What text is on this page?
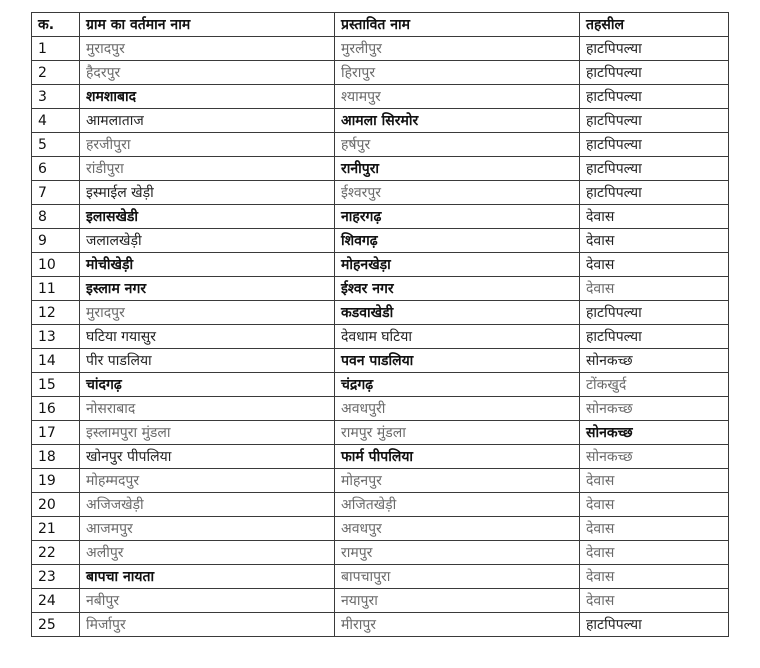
क.	ग्राम का वर्तमान नाम	प्रस्तावित नाम	तहसील
1	मुरादपुर	मुरलीपुर	हाटपिपल्या
2	हैदरपुर	हिरापुर	हाटपिपल्या
3	शमशाबाद	श्यामपुर	हाटपिपल्या
4	आमलाताज	आमला सिरमोर	हाटपिपल्या
5	हरजीपुरा	हर्षपुर	हाटपिपल्या
6	रांडीपुरा	रानीपुरा	हाटपिपल्या
7	इस्माईल खेड़ी	ईश्वरपुर	हाटपिपल्या
8	इलासखेडी	नाहरगढ़	देवास
9	जलालखेड़ी	शिवगढ़	देवास
10	मोचीखेड़ी	मोहनखेड़ा	देवास
11	इस्लाम नगर	ईश्वर नगर	देवास
12	मुरादपुर	कडवाखेडी	हाटपिपल्या
13	घटिया गयासुर	देवधाम घटिया	हाटपिपल्या
14	पीर पाडलिया	पवन पाडलिया	सोनकच्छ
15	चांदगढ़	चंद्रगढ़	टोंकखुर्द
16	नोसराबाद	अवधपुरी	सोनकच्छ
17	इस्लामपुरा मुंडला	रामपुर मुंडला	सोनकच्छ
18	खोनपुर पीपलिया	फार्म पीपलिया	सोनकच्छ
19	मोहम्मदपुर	मोहनपुर	देवास
20	अजिजखेड़ी	अजितखेड़ी	देवास
21	आजमपुर	अवधपुर	देवास
22	अलीपुर	रामपुर	देवास
23	बापचा नायता	बापचापुरा	देवास
24	नबीपुर	नयापुरा	देवास
25	मिर्जापुर	मीरापुर	हाटपिपल्या
